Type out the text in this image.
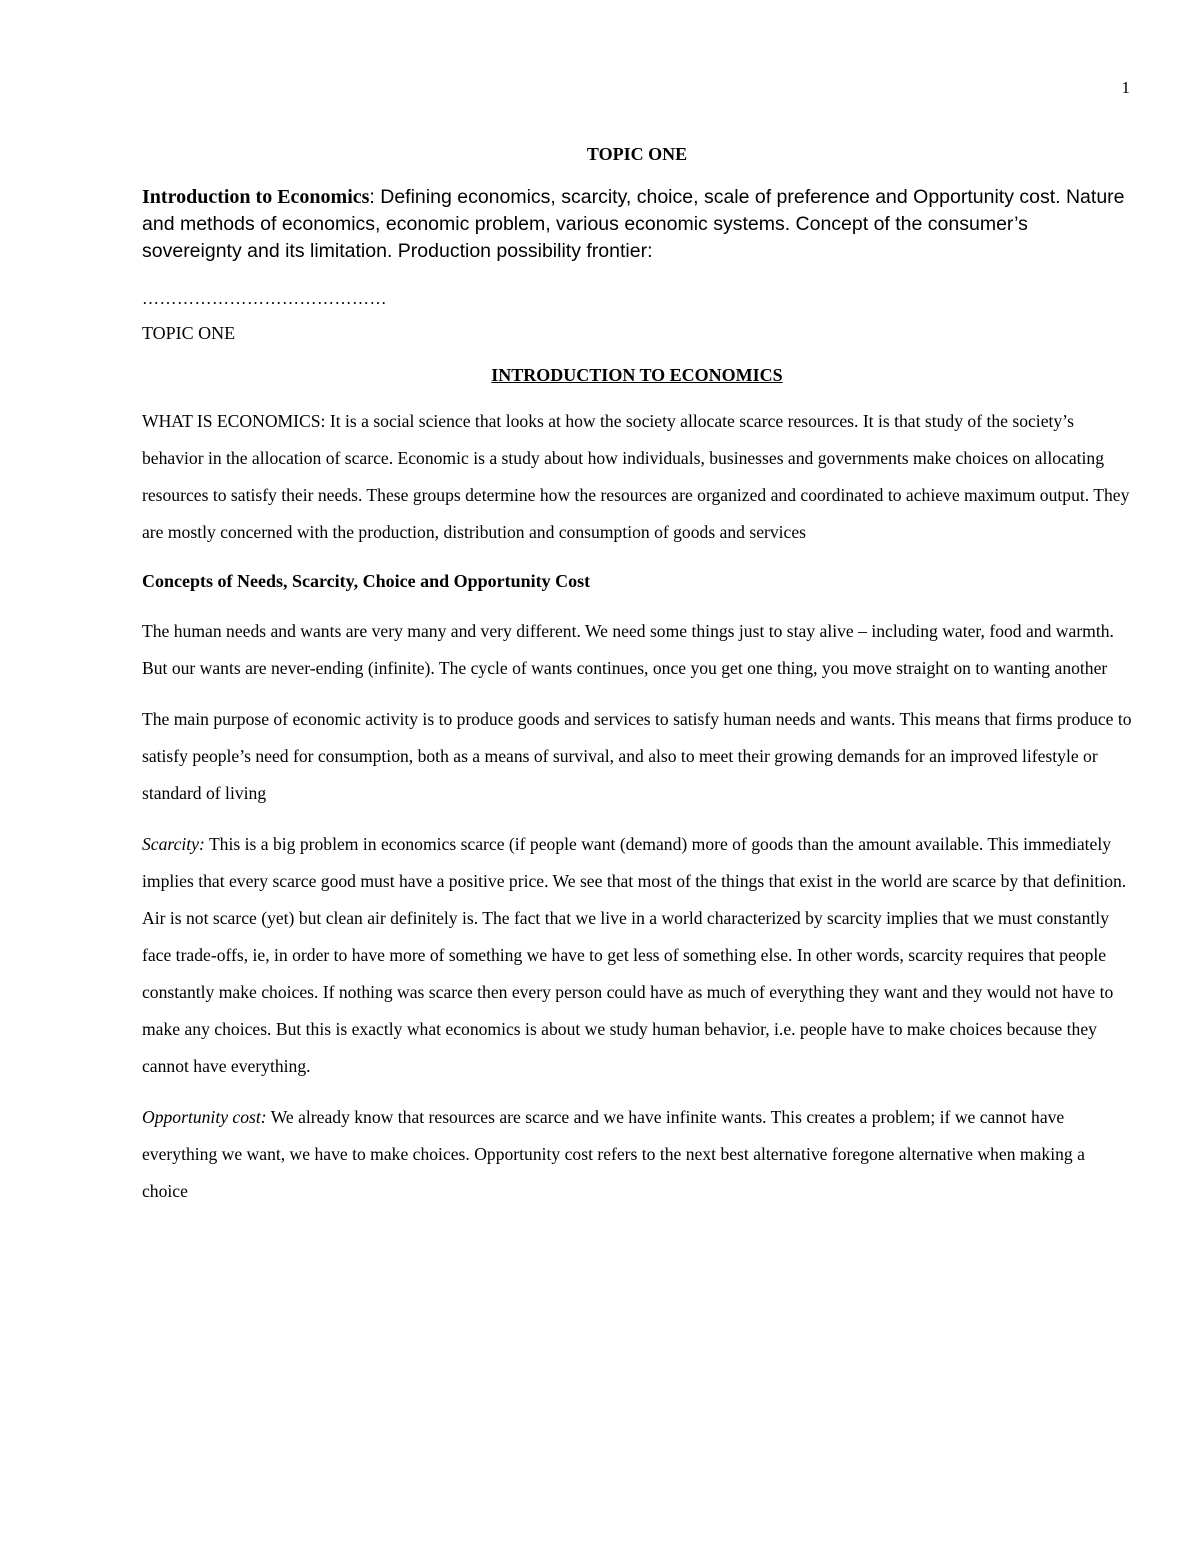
1
TOPIC ONE

Introduction to Economics: Defining economics, scarcity, choice, scale of preference and Opportunity cost. Nature and methods of economics, economic problem, various economic systems. Concept of the consumer’s sovereignty and its limitation. Production possibility frontier:

……………………………………
TOPIC ONE
INTRODUCTION TO ECONOMICS

WHAT IS ECONOMICS: It is a social science that looks at how the society allocate scarce resources. It is that study of the society’s behavior in the allocation of scarce. Economic is a study about how individuals, businesses and governments make choices on allocating resources to satisfy their needs. These groups determine how the resources are organized and coordinated to achieve maximum output. They are mostly concerned with the production, distribution and consumption of goods and services

Concepts of Needs, Scarcity, Choice and Opportunity Cost

The human needs and wants are very many and very different. We need some things just to stay alive – including water, food and warmth. But our wants are never-ending (infinite). The cycle of wants continues, once you get one thing, you move straight on to wanting another

The main purpose of economic activity is to produce goods and services to satisfy human needs and wants. This means that firms produce to satisfy people’s need for consumption, both as a means of survival, and also to meet their growing demands for an improved lifestyle or standard of living

Scarcity: This is a big problem in economics scarce (if people want (demand) more of goods than the amount available. This immediately implies that every scarce good must have a positive price. We see that most of the things that exist in the world are scarce by that definition. Air is not scarce (yet) but clean air definitely is. The fact that we live in a world characterized by scarcity implies that we must constantly face trade-offs, ie, in order to have more of something we have to get less of something else. In other words, scarcity requires that people constantly make choices. If nothing was scarce then every person could have as much of everything they want and they would not have to make any choices. But this is exactly what economics is about we study human behavior, i.e. people have to make choices because they cannot have everything.

Opportunity cost: We already know that resources are scarce and we have infinite wants. This creates a problem; if we cannot have everything we want, we have to make choices. Opportunity cost refers to the next best alternative foregone alternative when making a choice
